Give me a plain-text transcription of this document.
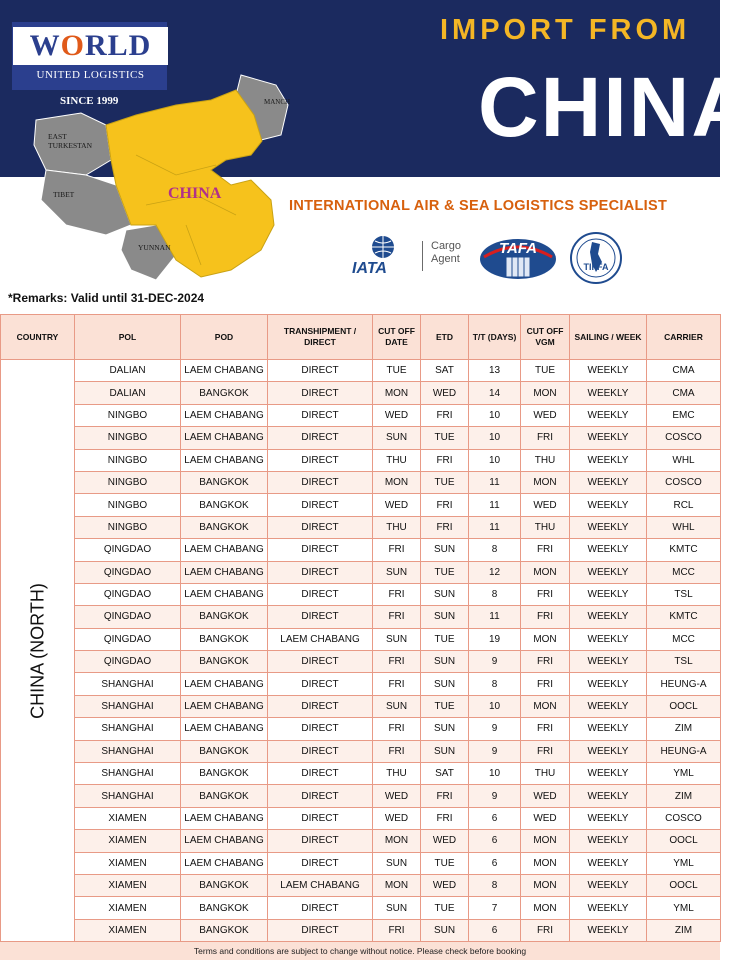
CHINA
EAST
TURKESTAN
TIBET
YUNNAN
MANCH
WORLD
UNITED LOGISTICS
SINCE 1999
IMPORT FROM
CHINA
INTERNATIONAL AIR & SEA LOGISTICS SPECIALIST
IATA
Cargo
Agent
TAFA
TIFFA
*Remarks: Valid until 31-DEC-2024
COUNTRY	POL	POD	TRANSHIPMENT / DIRECT	CUT OFF DATE	ETD	T/T (DAYS)	CUT OFF VGM	SAILING / WEEK	CARRIER

CHINA (NORTH)	DALIAN	LAEM CHABANG	DIRECT	TUE	SAT	13	TUE	WEEKLY	CMA
	DALIAN	BANGKOK	DIRECT	MON	WED	14	MON	WEEKLY	CMA
	NINGBO	LAEM CHABANG	DIRECT	WED	FRI	10	WED	WEEKLY	EMC
	NINGBO	LAEM CHABANG	DIRECT	SUN	TUE	10	FRI	WEEKLY	COSCO
	NINGBO	LAEM CHABANG	DIRECT	THU	FRI	10	THU	WEEKLY	WHL
	NINGBO	BANGKOK	DIRECT	MON	TUE	11	MON	WEEKLY	COSCO
	NINGBO	BANGKOK	DIRECT	WED	FRI	11	WED	WEEKLY	RCL
	NINGBO	BANGKOK	DIRECT	THU	FRI	11	THU	WEEKLY	WHL
	QINGDAO	LAEM CHABANG	DIRECT	FRI	SUN	8	FRI	WEEKLY	KMTC
	QINGDAO	LAEM CHABANG	DIRECT	SUN	TUE	12	MON	WEEKLY	MCC
	QINGDAO	LAEM CHABANG	DIRECT	FRI	SUN	8	FRI	WEEKLY	TSL
	QINGDAO	BANGKOK	DIRECT	FRI	SUN	11	FRI	WEEKLY	KMTC
	QINGDAO	BANGKOK	LAEM CHABANG	SUN	TUE	19	MON	WEEKLY	MCC
	QINGDAO	BANGKOK	DIRECT	FRI	SUN	9	FRI	WEEKLY	TSL
	SHANGHAI	LAEM CHABANG	DIRECT	FRI	SUN	8	FRI	WEEKLY	HEUNG-A
	SHANGHAI	LAEM CHABANG	DIRECT	SUN	TUE	10	MON	WEEKLY	OOCL
	SHANGHAI	LAEM CHABANG	DIRECT	FRI	SUN	9	FRI	WEEKLY	ZIM
	SHANGHAI	BANGKOK	DIRECT	FRI	SUN	9	FRI	WEEKLY	HEUNG-A
	SHANGHAI	BANGKOK	DIRECT	THU	SAT	10	THU	WEEKLY	YML
	SHANGHAI	BANGKOK	DIRECT	WED	FRI	9	WED	WEEKLY	ZIM
	XIAMEN	LAEM CHABANG	DIRECT	WED	FRI	6	WED	WEEKLY	COSCO
	XIAMEN	LAEM CHABANG	DIRECT	MON	WED	6	MON	WEEKLY	OOCL
	XIAMEN	LAEM CHABANG	DIRECT	SUN	TUE	6	MON	WEEKLY	YML
	XIAMEN	BANGKOK	LAEM CHABANG	MON	WED	8	MON	WEEKLY	OOCL
	XIAMEN	BANGKOK	DIRECT	SUN	TUE	7	MON	WEEKLY	YML
	XIAMEN	BANGKOK	DIRECT	FRI	SUN	6	FRI	WEEKLY	ZIM
Terms and conditions are subject to change without notice. Please check before booking
